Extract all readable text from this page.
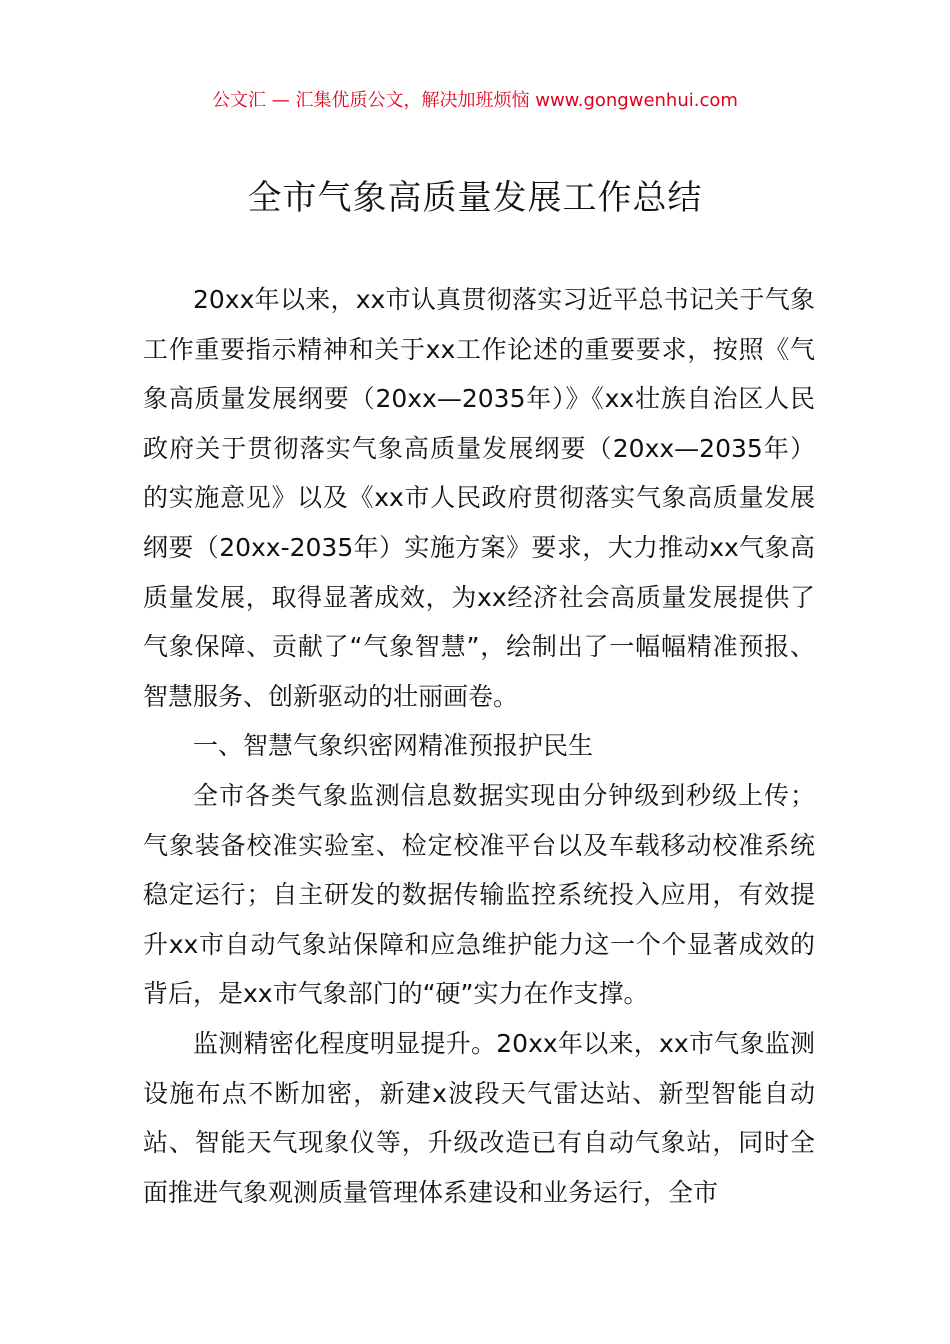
公文汇 — 汇集优质公文，解决加班烦恼 www.gongwenhui.com
全市气象高质量发展工作总结

20xx年以来，xx市认真贯彻落实习近平总书记关于气象工作重要指示精神和关于xx工作论述的重要要求，按照《气象高质量发展纲要（20xx—2035年）》《xx壮族自治区人民政府关于贯彻落实气象高质量发展纲要（20xx—2035年）的实施意见》以及《xx市人民政府贯彻落实气象高质量发展纲要（20xx-2035年）实施方案》要求，大力推动xx气象高质量发展，取得显著成效，为xx经济社会高质量发展提供了气象保障、贡献了“气象智慧”，绘制出了一幅幅精准预报、智慧服务、创新驱动的壮丽画卷。

一、智慧气象织密网精准预报护民生

全市各类气象监测信息数据实现由分钟级到秒级上传；气象装备校准实验室、检定校准平台以及车载移动校准系统稳定运行；自主研发的数据传输监控系统投入应用，有效提升xx市自动气象站保障和应急维护能力这一个个显著成效的背后，是xx市气象部门的“硬”实力在作支撑。

监测精密化程度明显提升。20xx年以来，xx市气象监测设施布点不断加密，新建x波段天气雷达站、新型智能自动站、智能天气现象仪等，升级改造已有自动气象站，同时全面推进气象观测质量管理体系建设和业务运行，全市
